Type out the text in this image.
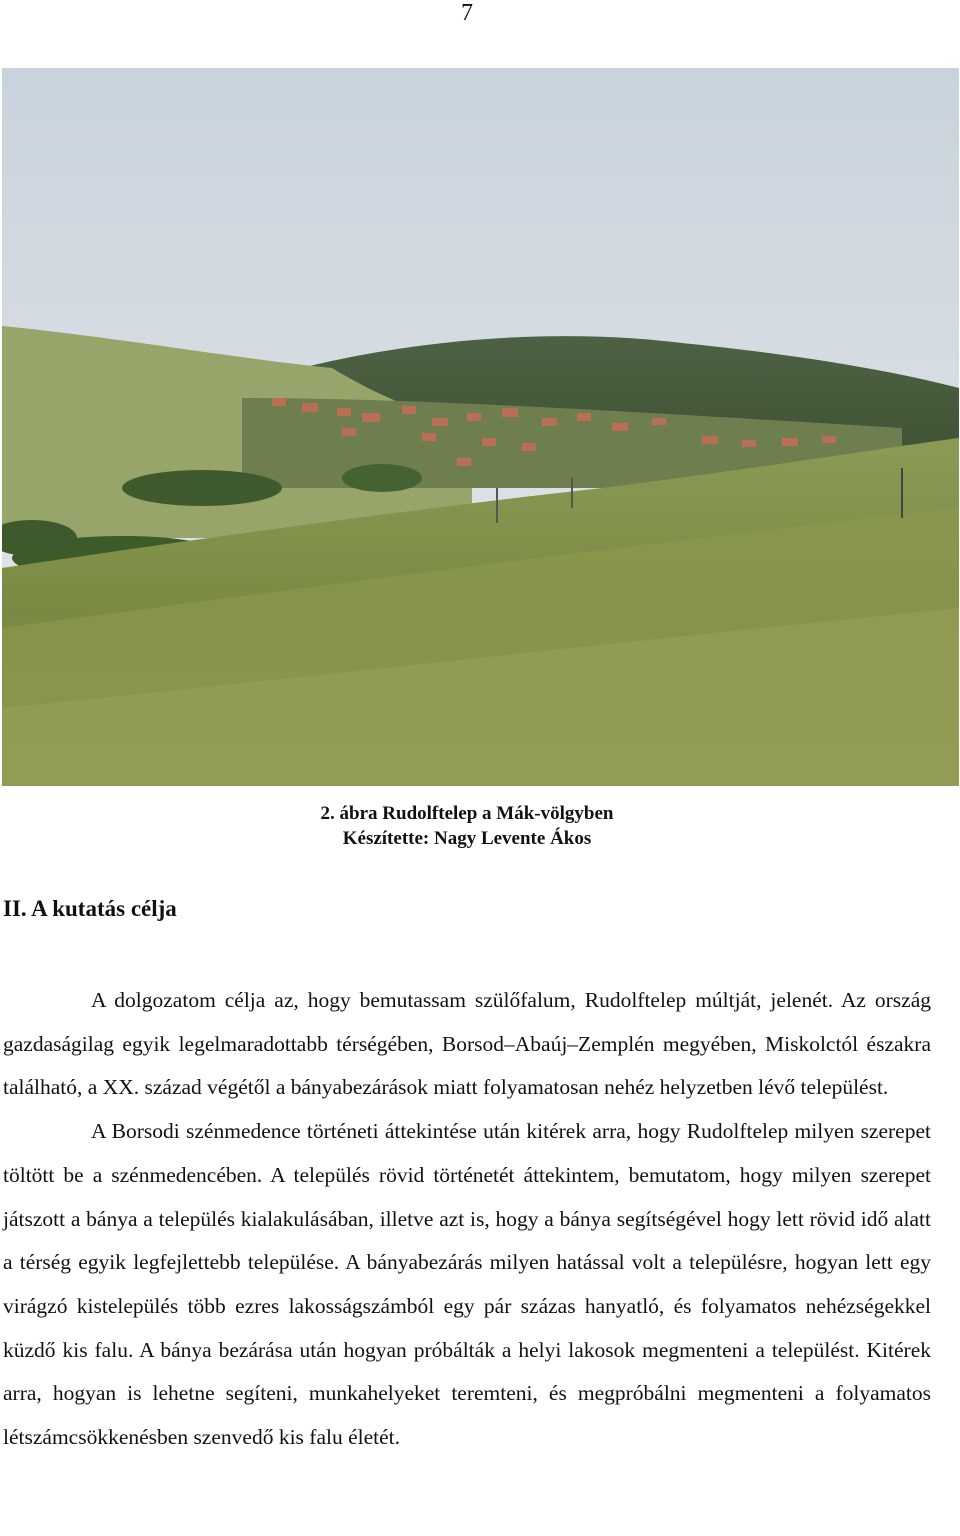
7
2. ábra Rudolftelep a Mák-völgyben
Készítette: Nagy Levente Ákos
II. A kutatás célja

A dolgozatom célja az, hogy bemutassam szülőfalum, Rudolftelep múltját, jelenét. Az ország gazdaságilag egyik legelmaradottabb térségében, Borsod–Abaúj–Zemplén megyében, Miskolctól északra található, a XX. század végétől a bányabezárások miatt folyamatosan nehéz helyzetben lévő települést.

A Borsodi szénmedence történeti áttekintése után kitérek arra, hogy Rudolftelep milyen szerepet töltött be a szénmedencében. A település rövid történetét áttekintem, bemutatom, hogy milyen szerepet játszott a bánya a település kialakulásában, illetve azt is, hogy a bánya segítségével hogy lett rövid idő alatt a térség egyik legfejlettebb települése. A bányabezárás milyen hatással volt a településre, hogyan lett egy virágzó kistelepülés több ezres lakosságszámból egy pár százas hanyatló, és folyamatos nehézségekkel küzdő kis falu. A bánya bezárása után hogyan próbálták a helyi lakosok megmenteni a települést. Kitérek arra, hogyan is lehetne segíteni, munkahelyeket teremteni, és megpróbálni megmenteni a folyamatos létszámcsökkenésben szenvedő kis falu életét.
